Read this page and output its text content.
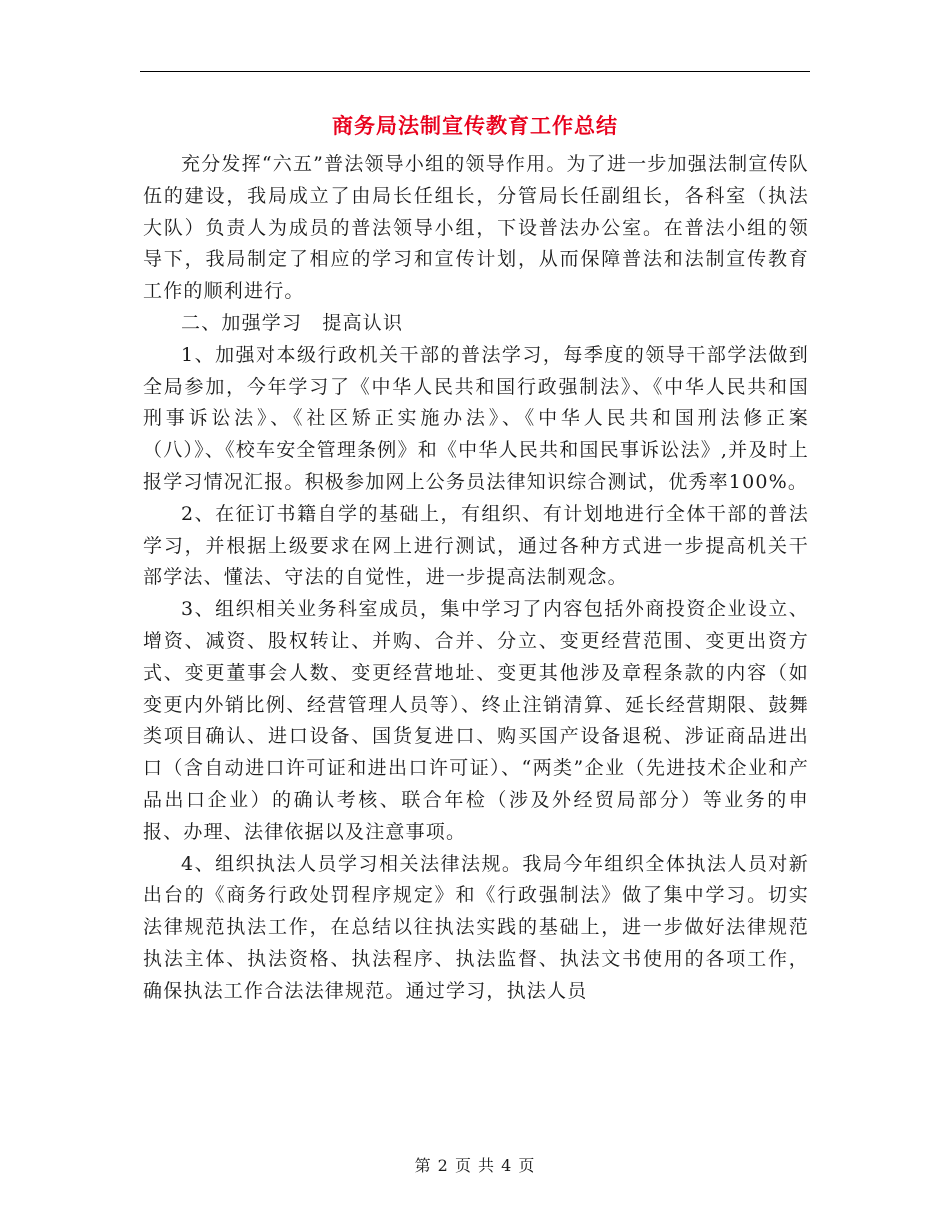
商务局法制宣传教育工作总结

充分发挥“六五”普法领导小组的领导作用。为了进一步加强法制宣传队伍的建设，我局成立了由局长任组长，分管局长任副组长，各科室（执法大队）负责人为成员的普法领导小组，下设普法办公室。在普法小组的领导下，我局制定了相应的学习和宣传计划，从而保障普法和法制宣传教育工作的顺利进行。

二、加强学习　提高认识

1、加强对本级行政机关干部的普法学习，每季度的领导干部学法做到全局参加，今年学习了《中华人民共和国行政强制法》、《中华人民共和国刑事诉讼法》、《社区矫正实施办法》、《中华人民共和国刑法修正案（八）》、《校车安全管理条例》和《中华人民共和国民事诉讼法》,并及时上报学习情况汇报。积极参加网上公务员法律知识综合测试，优秀率100%。

2、在征订书籍自学的基础上，有组织、有计划地进行全体干部的普法学习，并根据上级要求在网上进行测试，通过各种方式进一步提高机关干部学法、懂法、守法的自觉性，进一步提高法制观念。

3、组织相关业务科室成员，集中学习了内容包括外商投资企业设立、增资、减资、股权转让、并购、合并、分立、变更经营范围、变更出资方式、变更董事会人数、变更经营地址、变更其他涉及章程条款的内容（如变更内外销比例、经营管理人员等）、终止注销清算、延长经营期限、鼓舞类项目确认、进口设备、国货复进口、购买国产设备退税、涉证商品进出口（含自动进口许可证和进出口许可证）、“两类”企业（先进技术企业和产品出口企业）的确认考核、联合年检（涉及外经贸局部分）等业务的申报、办理、法律依据以及注意事项。

4、组织执法人员学习相关法律法规。我局今年组织全体执法人员对新出台的《商务行政处罚程序规定》和《行政强制法》做了集中学习。切实法律规范执法工作，在总结以往执法实践的基础上，进一步做好法律规范执法主体、执法资格、执法程序、执法监督、执法文书使用的各项工作，确保执法工作合法法律规范。通过学习，执法人员

第 2 页 共 4 页
